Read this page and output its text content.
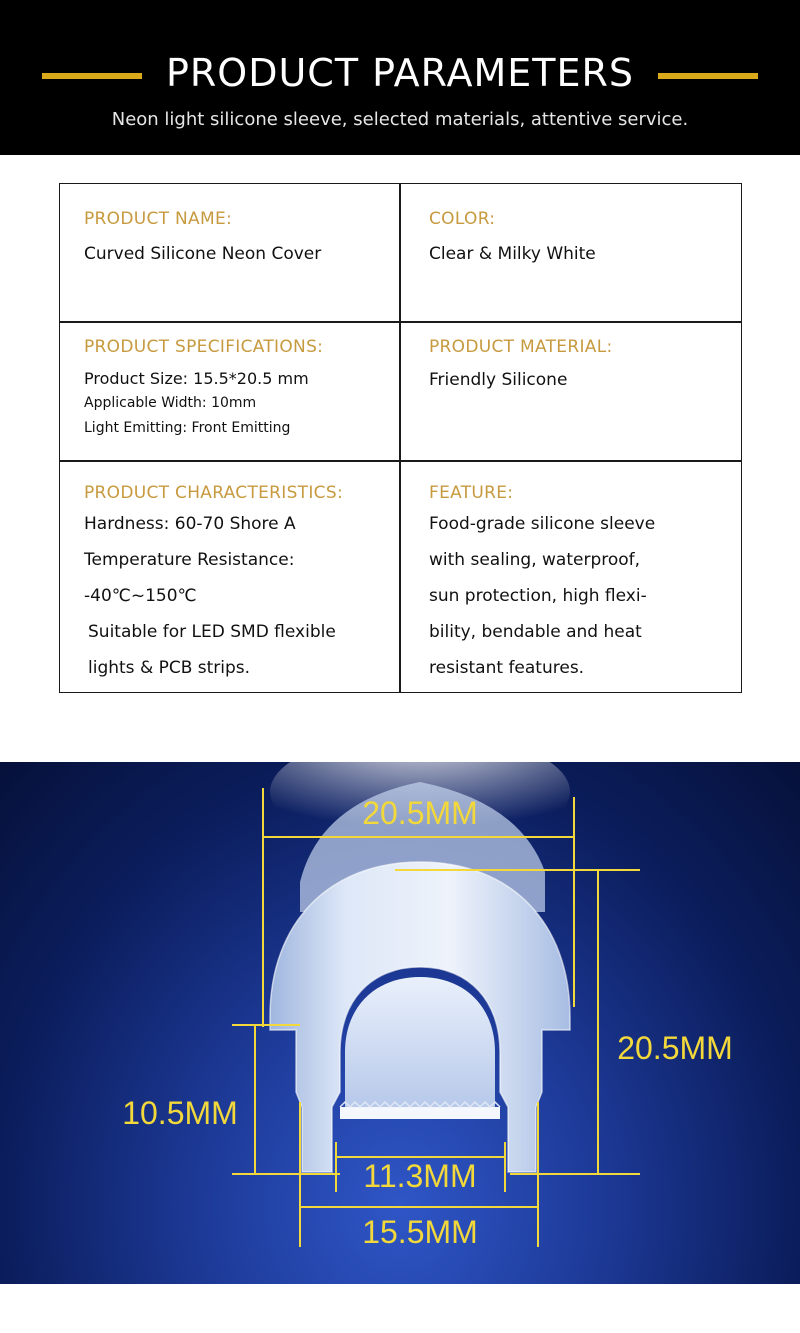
PRODUCT PARAMETERS
Neon light silicone sleeve, selected materials, attentive service.
PRODUCT NAME:
Curved Silicone Neon Cover
COLOR:
Clear & Milky White
PRODUCT SPECIFICATIONS:
Product Size: 15.5*20.5 mm
Applicable Width: 10mm
Light Emitting: Front Emitting
PRODUCT MATERIAL:
Friendly Silicone
PRODUCT CHARACTERISTICS:
Hardness: 60-70 Shore A
Temperature Resistance:
-40℃~150℃
Suitable for LED SMD flexible
lights & PCB strips.
FEATURE:
Food-grade silicone sleeve
with sealing, waterproof,
sun protection, high flexi-
bility, bendable and heat
resistant features.
20.5MM
20.5MM
10.5MM
11.3MM
15.5MM
